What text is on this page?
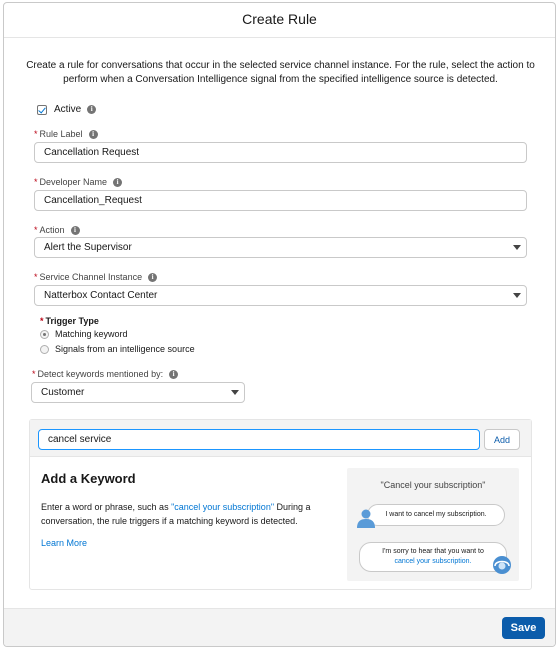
Create Rule

Create a rule for conversations that occur in the selected service channel instance. For the rule, select the action to perform when a Conversation Intelligence signal from the specified intelligence source is detected.

Active	i
* Rule Label	i
Cancellation Request
* Developer Name	i
Cancellation_Request
* Action	i
Alert the Supervisor
* Service Channel Instance	i
Natterbox Contact Center
* Trigger Type
Matching keyword
Signals from an intelligence source
* Detect keywords mentioned by:	i
Customer
cancel service
Add
Add a Keyword

Enter a word or phrase, such as "cancel your subscription" During a conversation, the rule triggers if a matching keyword is detected.

Learn More
"Cancel your subscription"
I want to cancel my subscription.
I'm sorry to hear that you want to cancel your subscription.
Save
